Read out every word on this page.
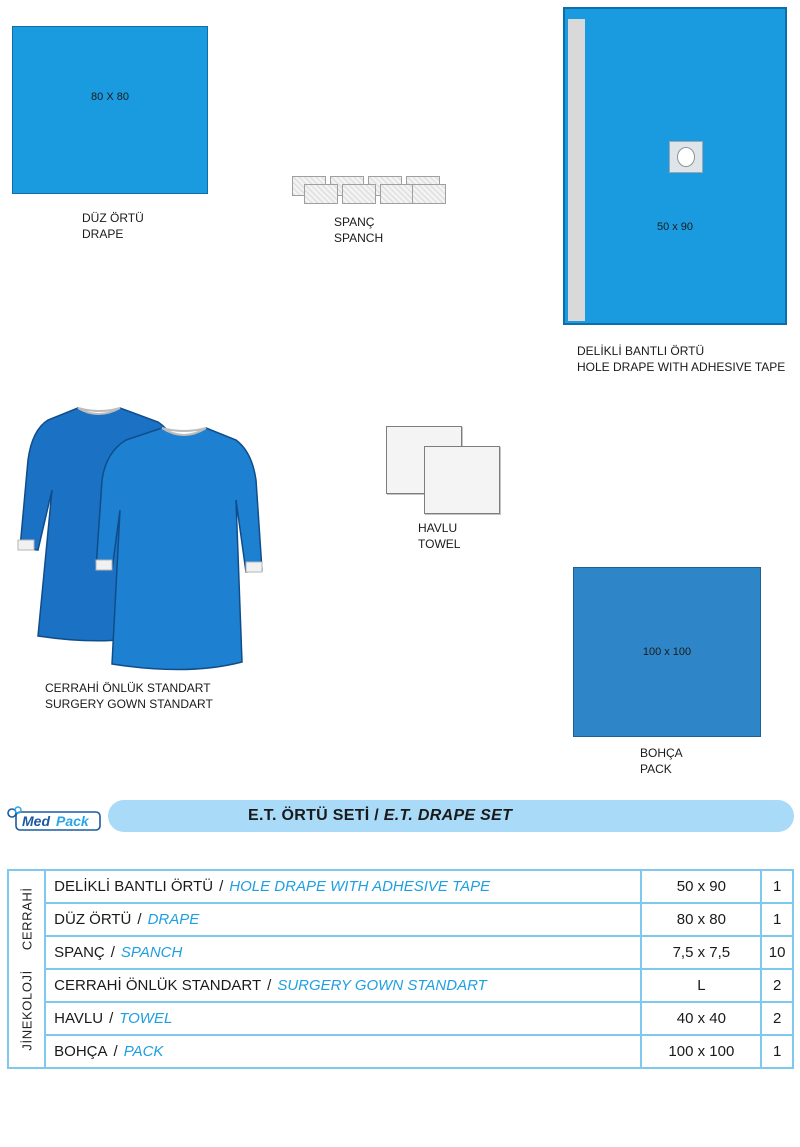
80 X 80
DÜZ ÖRTÜ
DRAPE
SPANÇ
SPANCH
50 x 90
DELİKLİ BANTLI ÖRTÜ
HOLE DRAPE WITH ADHESIVE TAPE
CERRAHİ ÖNLÜK STANDART
SURGERY GOWN STANDART
HAVLU
TOWEL
100 x 100
BOHÇA
PACK
Med Pack	E.T. ÖRTÜ SETİ / E.T. DRAPE SET
JİNEKOLOJİCERRAHİ	DELİKLİ BANTLI ÖRTÜ / HOLE DRAPE WITH ADHESIVE TAPE	50 x 90	1
	DÜZ ÖRTÜ / DRAPE	80 x 80	1
	SPANÇ / SPANCH	7,5 x 7,5	10
	CERRAHİ ÖNLÜK STANDART / SURGERY GOWN STANDART	L	2
	HAVLU / TOWEL	40 x 40	2
	BOHÇA / PACK	100 x 100	1
